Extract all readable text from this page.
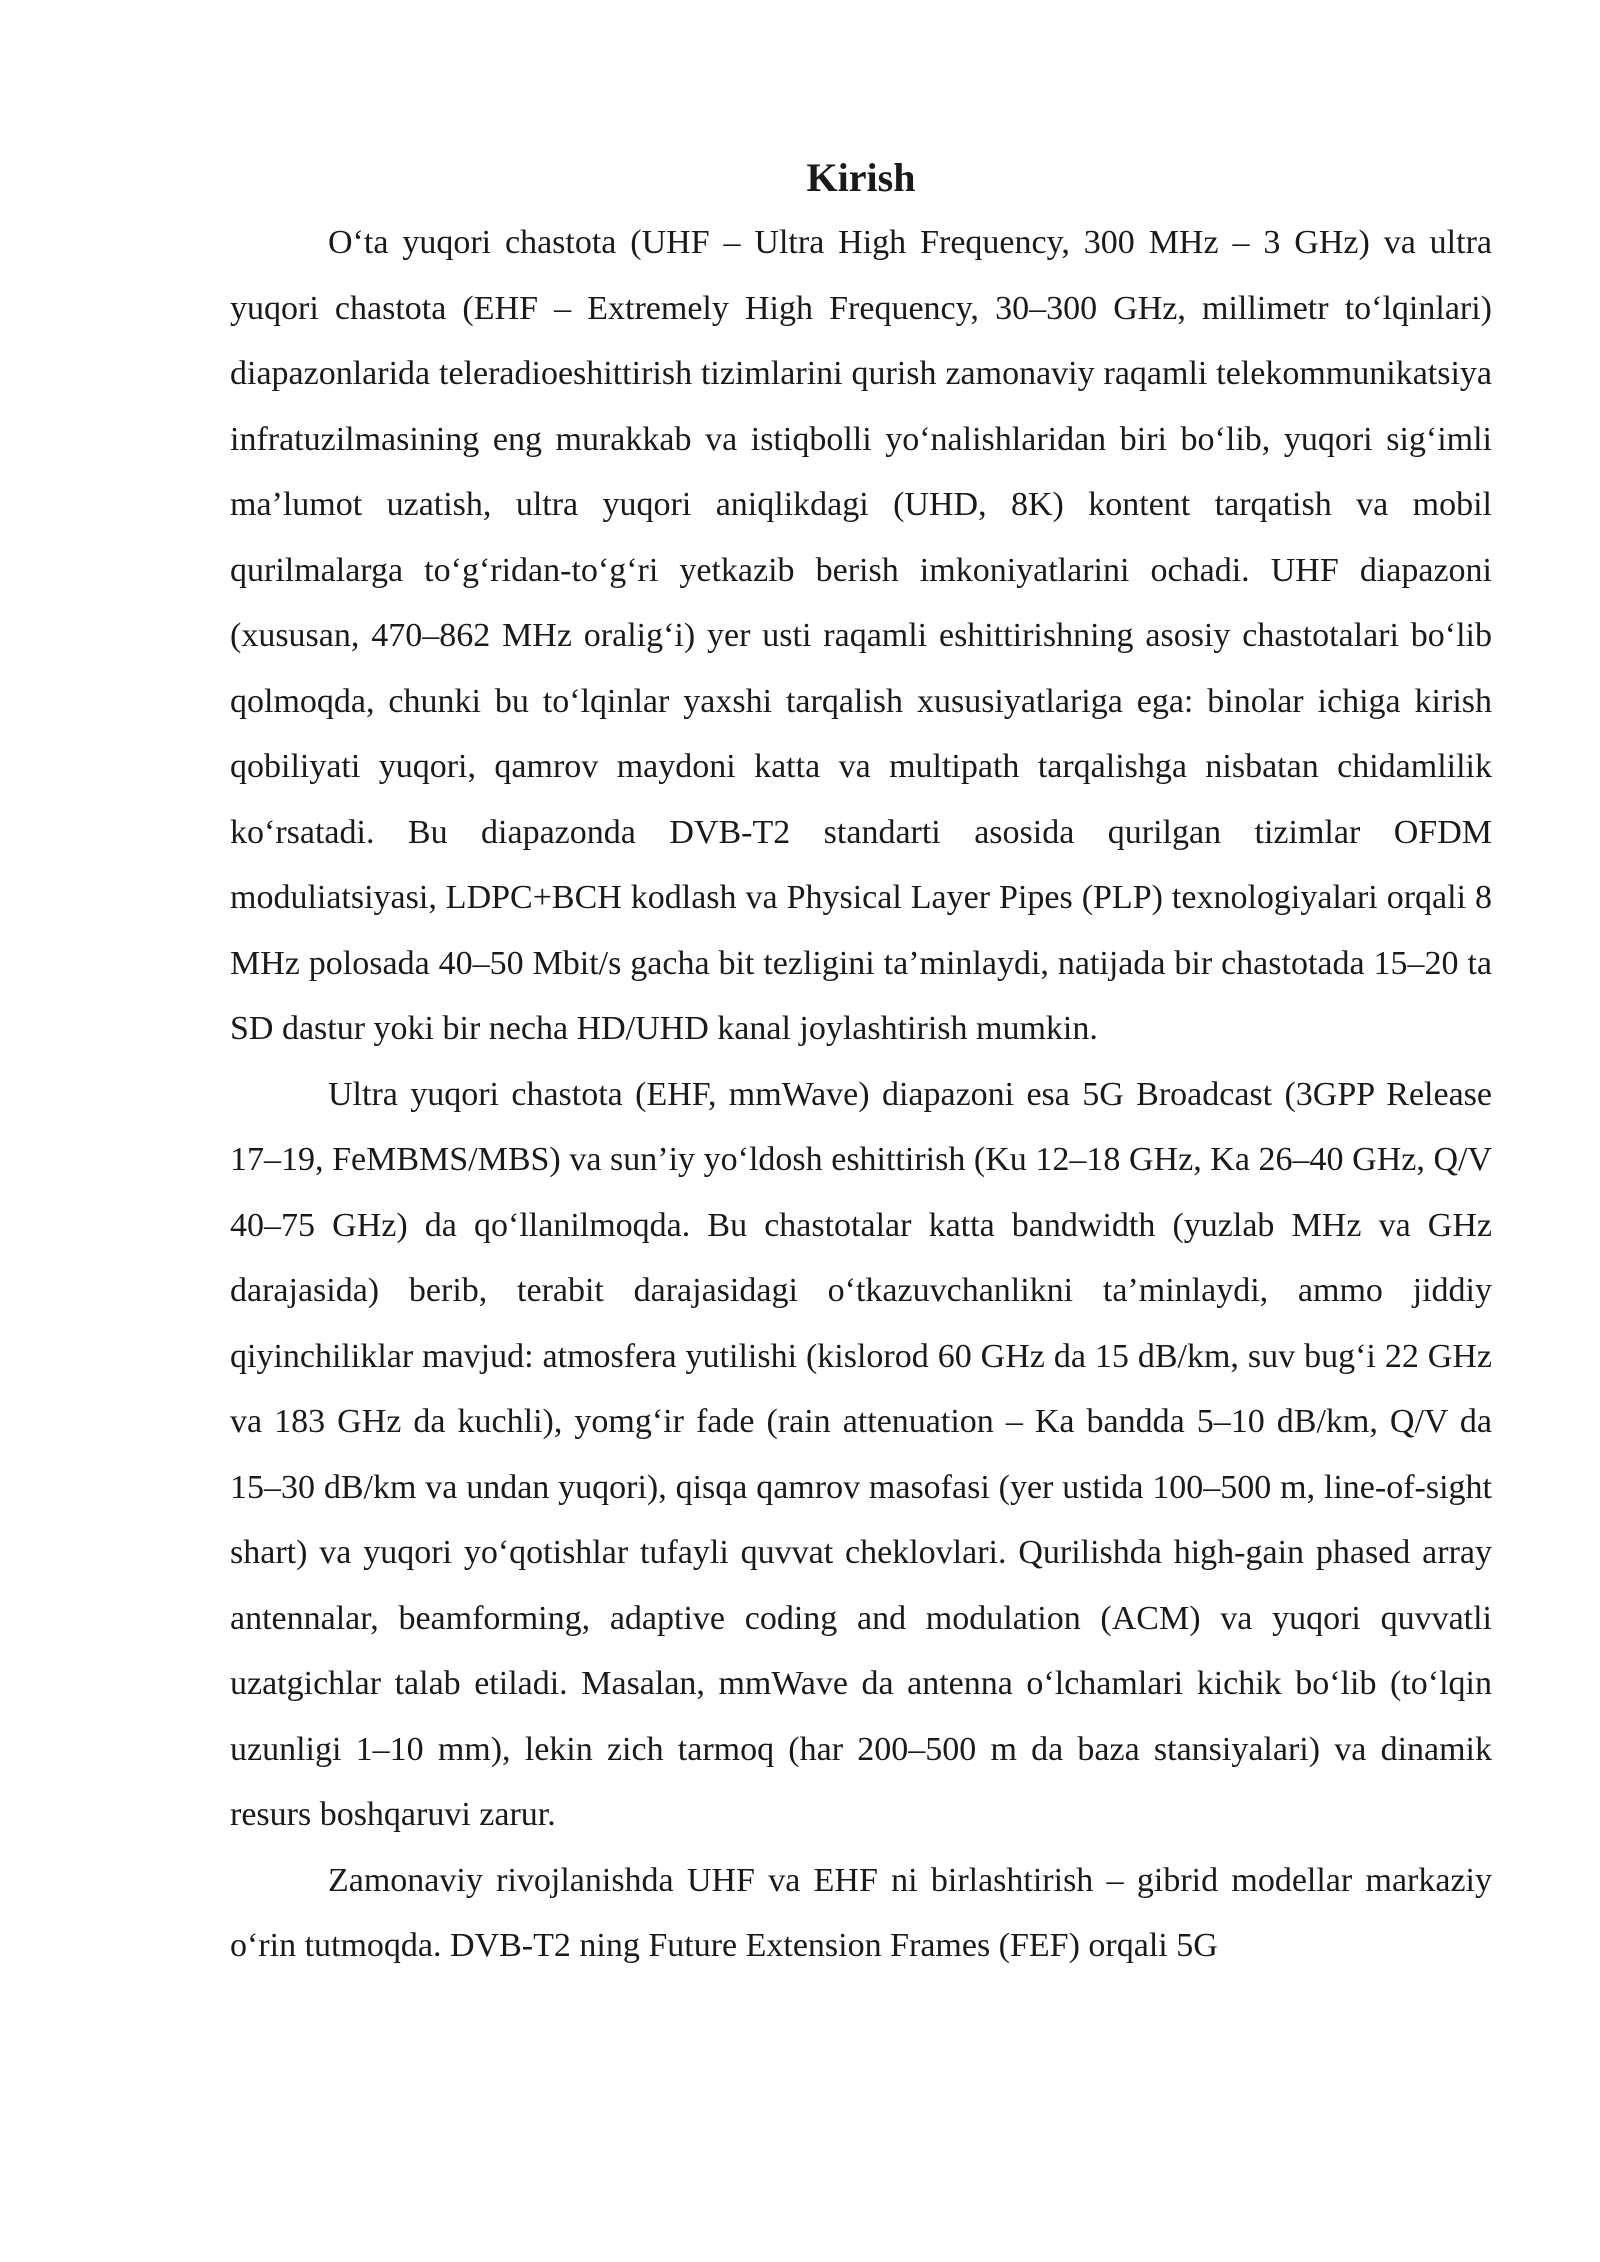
Kirish

O‘ta yuqori chastota (UHF – Ultra High Frequency, 300 MHz – 3 GHz) va ultra yuqori chastota (EHF – Extremely High Frequency, 30–300 GHz, millimetr to‘lqinlari) diapazonlarida teleradioeshittirish tizimlarini qurish zamonaviy raqamli telekommunikatsiya infratuzilmasining eng murakkab va istiqbolli yo‘nalishlaridan biri bo‘lib, yuqori sig‘imli ma’lumot uzatish, ultra yuqori aniqlikdagi (UHD, 8K) kontent tarqatish va mobil qurilmalarga to‘g‘ridan-to‘g‘ri yetkazib berish imkoniyatlarini ochadi. UHF diapazoni (xususan, 470–862 MHz oralig‘i) yer usti raqamli eshittirishning asosiy chastotalari bo‘lib qolmoqda, chunki bu to‘lqinlar yaxshi tarqalish xususiyatlariga ega: binolar ichiga kirish qobiliyati yuqori, qamrov maydoni katta va multipath tarqalishga nisbatan chidamlilik ko‘rsatadi. Bu diapazonda DVB-T2 standarti asosida qurilgan tizimlar OFDM moduliatsiyasi, LDPC+BCH kodlash va Physical Layer Pipes (PLP) texnologiyalari orqali 8 MHz polosada 40–50 Mbit/s gacha bit tezligini ta’minlaydi, natijada bir chastotada 15–20 ta SD dastur yoki bir necha HD/UHD kanal joylashtirish mumkin.

Ultra yuqori chastota (EHF, mmWave) diapazoni esa 5G Broadcast (3GPP Release 17–19, FeMBMS/MBS) va sun’iy yo‘ldosh eshittirish (Ku 12–18 GHz, Ka 26–40 GHz, Q/V 40–75 GHz) da qo‘llanilmoqda. Bu chastotalar katta bandwidth (yuzlab MHz va GHz darajasida) berib, terabit darajasidagi o‘tkazuvchanlikni ta’minlaydi, ammo jiddiy qiyinchiliklar mavjud: atmosfera yutilishi (kislorod 60 GHz da 15 dB/km, suv bug‘i 22 GHz va 183 GHz da kuchli), yomg‘ir fade (rain attenuation – Ka bandda 5–10 dB/km, Q/V da 15–30 dB/km va undan yuqori), qisqa qamrov masofasi (yer ustida 100–500 m, line-of-sight shart) va yuqori yo‘qotishlar tufayli quvvat cheklovlari. Qurilishda high-gain phased array antennalar, beamforming, adaptive coding and modulation (ACM) va yuqori quvvatli uzatgichlar talab etiladi. Masalan, mmWave da antenna o‘lchamlari kichik bo‘lib (to‘lqin uzunligi 1–10 mm), lekin zich tarmoq (har 200–500 m da baza stansiyalari) va dinamik resurs boshqaruvi zarur.

Zamonaviy rivojlanishda UHF va EHF ni birlashtirish – gibrid modellar markaziy o‘rin tutmoqda. DVB-T2 ning Future Extension Frames (FEF) orqali 5G
